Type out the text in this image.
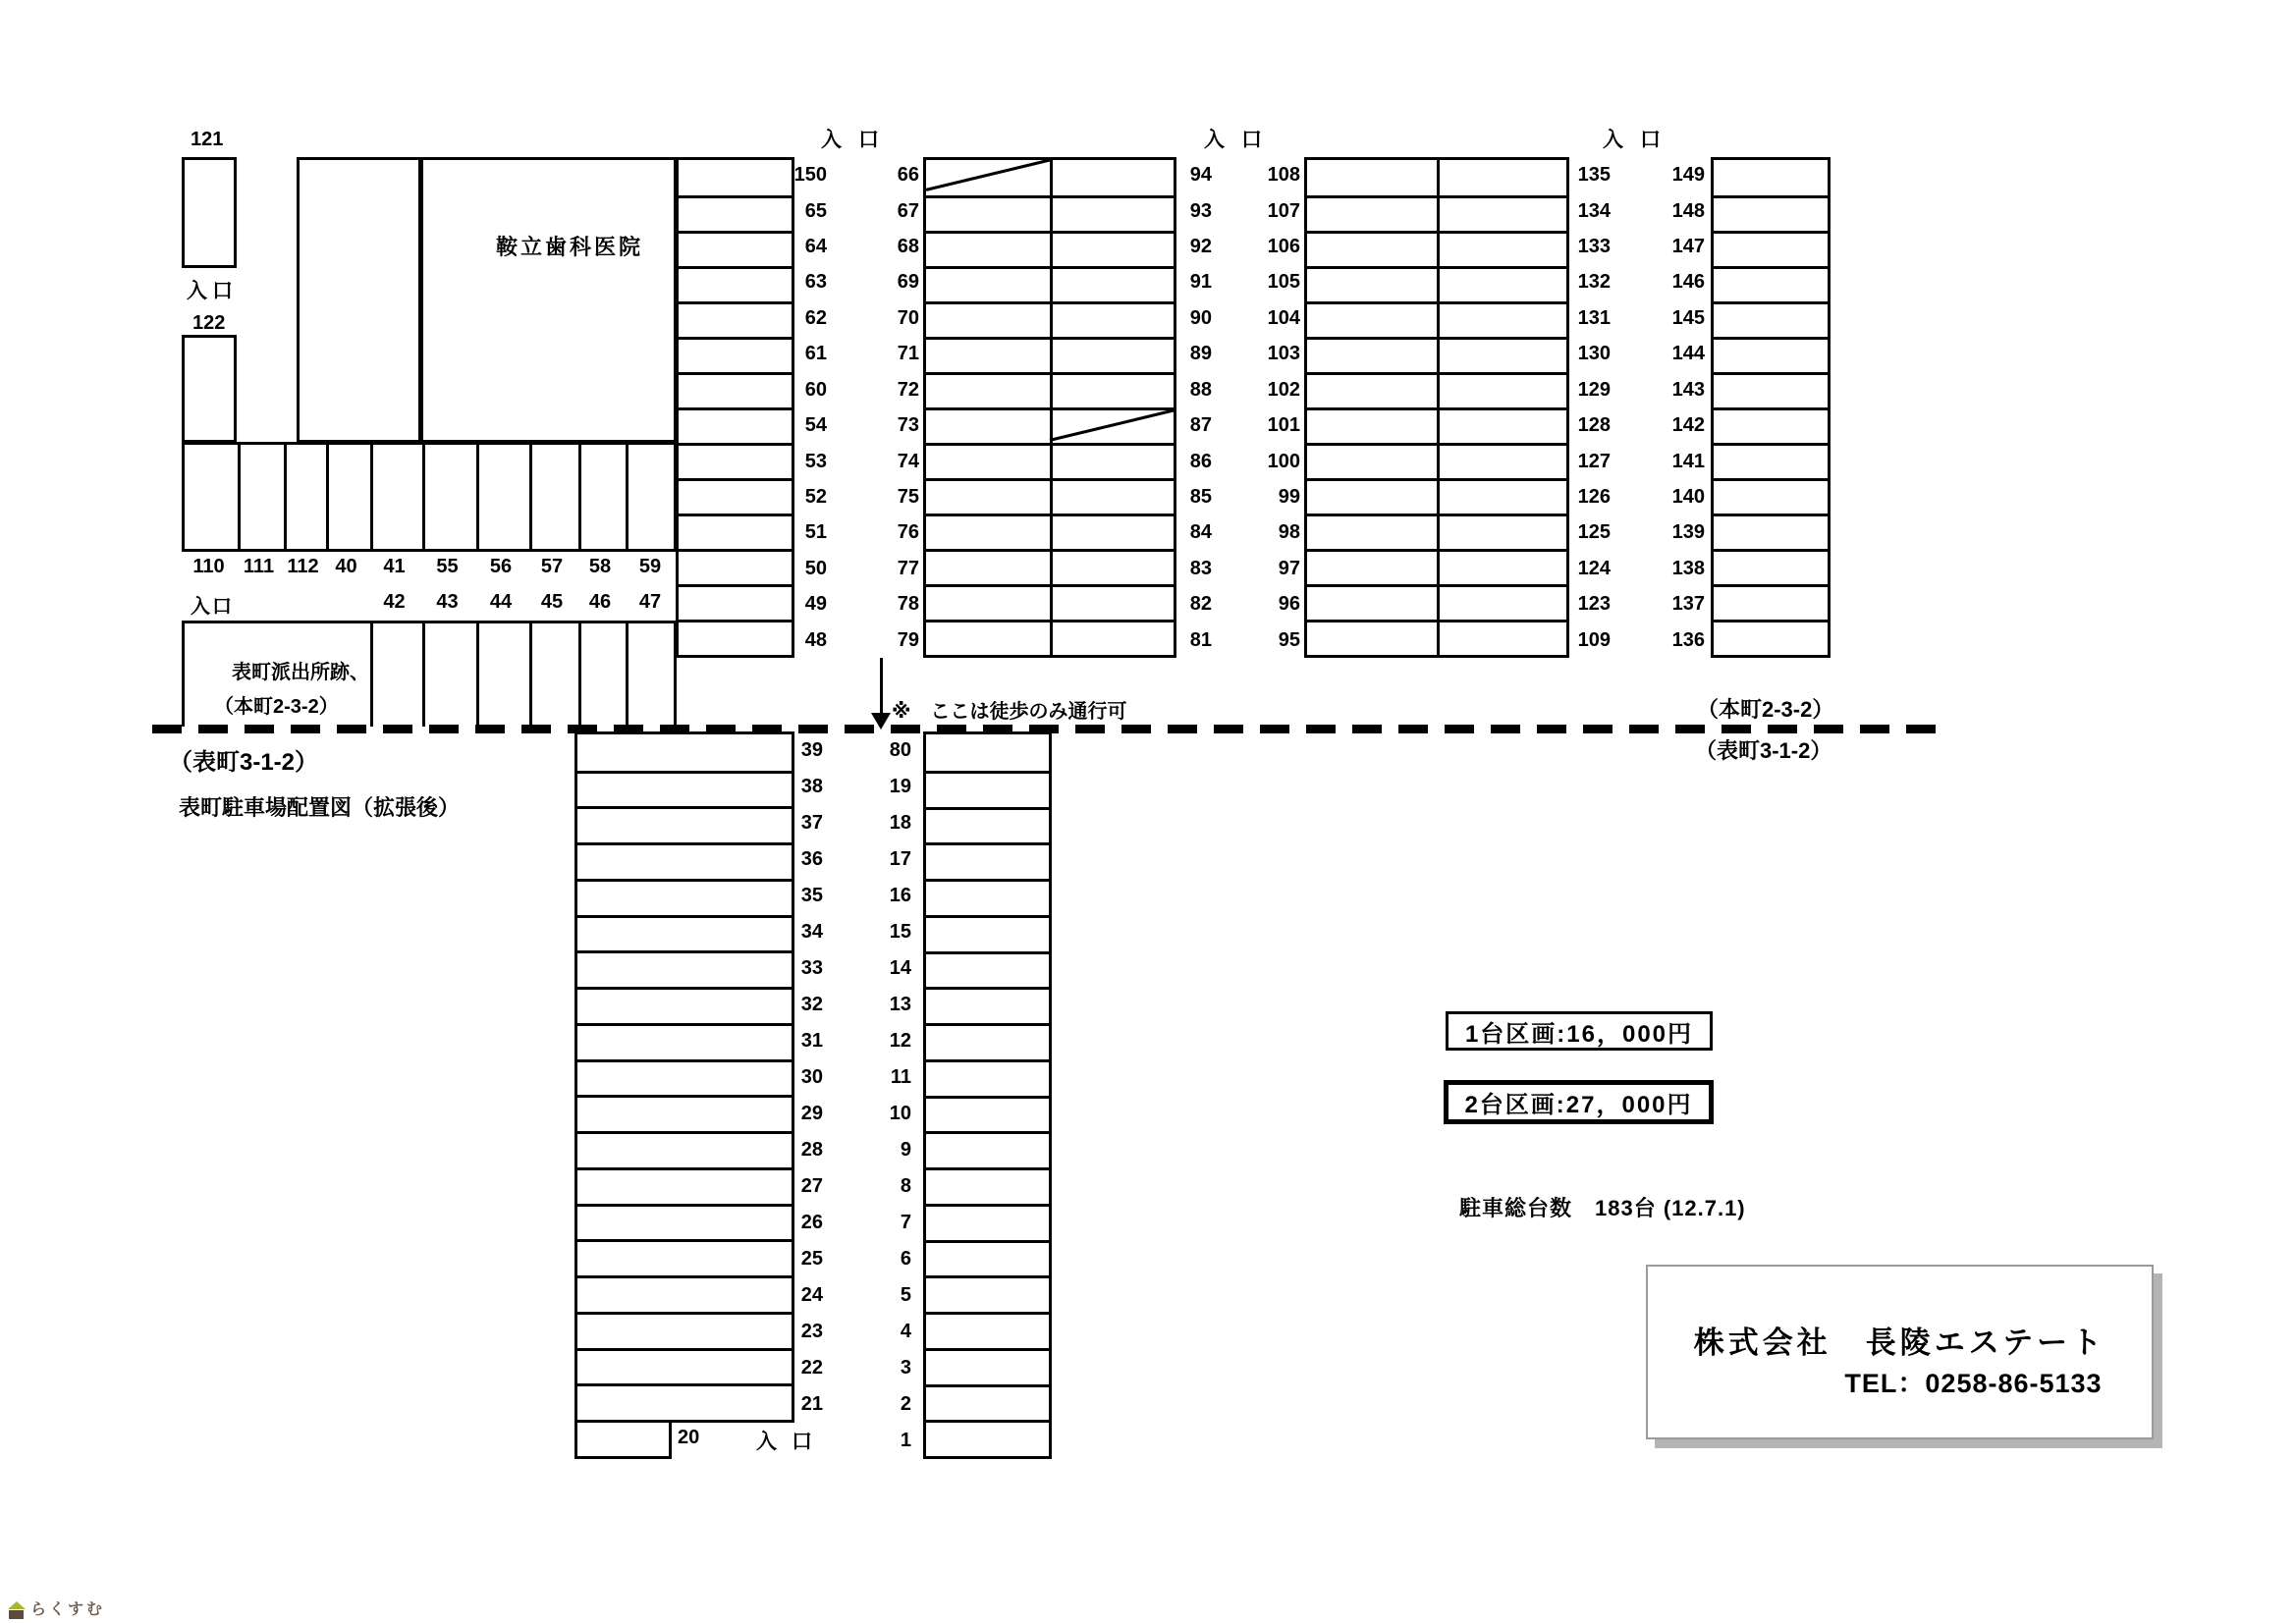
121
入口
122
鞍立歯科医院
入口
表町派出所跡、
（本町2-3-2）
入口	入口	入口
150
65
64
63
62
61
60
54
53
52
51
50
49
48
66
67
68
69
70
71
72
73
74
75
76
77
78
79
94
93
92
91
90
89
88
87
86
85
84
83
82
81
108
107
106
105
104
103
102
101
100
99
98
97
96
95
135
134
133
132
131
130
129
128
127
126
125
124
123
109
149
148
147
146
145
144
143
142
141
140
139
138
137
136
※　ここは徒歩のみ通行可	（本町2-3-2）
（表町3-1-2）
（表町3-1-2）
表町駐車場配置図（拡張後）
39
38
37
36
35
34
33
32
31
30
29
28
27
26
25
24
23
22
21
80
19
18
17
16
15
14
13
12
11
10
9
8
7
6
5
4
3
2
1
20	入口
1台区画:16，000円
2台区画:27，000円
駐車総台数　183台 (12.7.1)
株式会社　長陵エステート
TEL：0258-86-5133
らくすむ
110 111 112 40	41	55	56	57	58	59
42	43	44	45	46	47
